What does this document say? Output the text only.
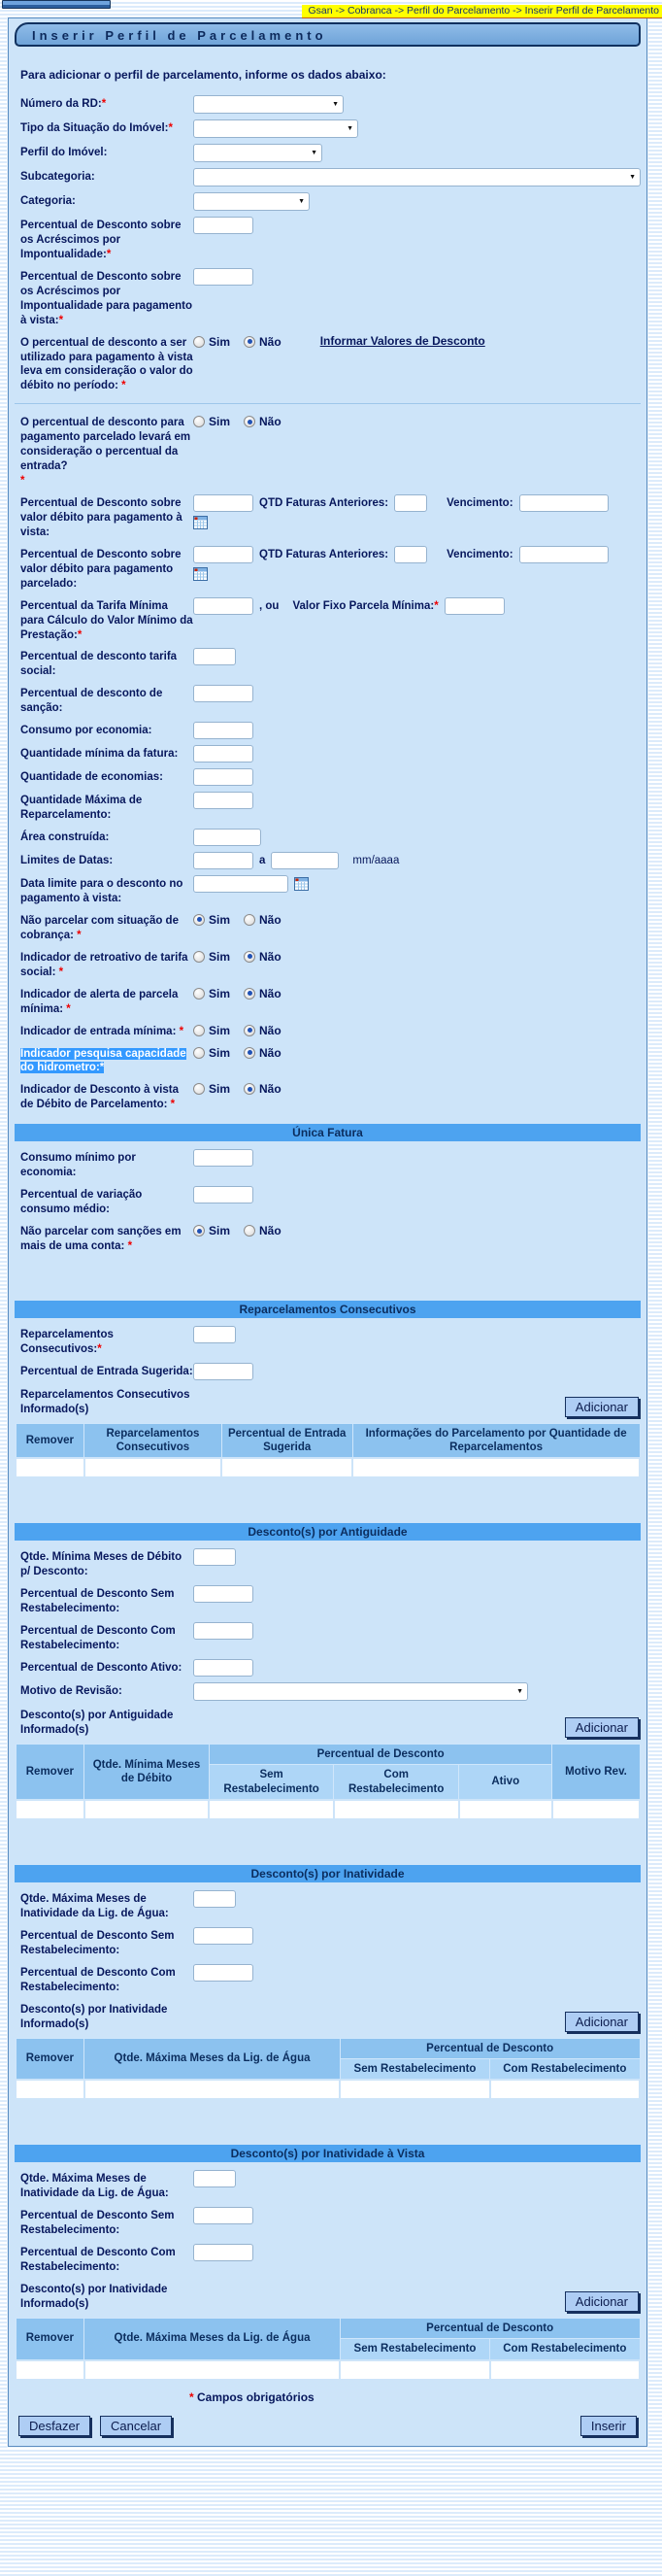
Gsan -> Cobranca -> Perfil do Parcelamento -> Inserir Perfil de Parcelamento
Inserir Perfil de Parcelamento
Para adicionar o perfil de parcelamento, informe os dados abaixo:
Número da RD:*
▼
Tipo da Situação do Imóvel:*
▼
Perfil do Imóvel:
▼
Subcategoria:
▼
Categoria:
▼
Percentual de Desconto sobre os Acréscimos por Impontualidade:*
Percentual de Desconto sobre os Acréscimos por Impontualidade para pagamento à vista:*
O percentual de desconto a ser utilizado para pagamento à vista leva em consideração o valor do débito no período: *
Sim	Não	Informar Valores de Desconto
O percentual de desconto para pagamento parcelado levará em consideração o percentual da entrada?
*
Sim	Não
Percentual de Desconto sobre valor débito para pagamento à vista:
QTD Faturas Anteriores:	Vencimento:
Percentual de Desconto sobre valor débito para pagamento parcelado:
QTD Faturas Anteriores:	Vencimento:
Percentual da Tarifa Mínima para Cálculo do Valor Mínimo da Prestação:*
, ou Valor Fixo Parcela Mínima:*
Percentual de desconto tarifa social:
Percentual de desconto de sanção:
Consumo por economia:
Quantidade mínima da fatura:
Quantidade de economias:
Quantidade Máxima de Reparcelamento:
Área construída:
Limites de Datas:	a	mm/aaaa
Data limite para o desconto no pagamento à vista:
Não parcelar com situação de cobrança: *
Sim	Não
Indicador de retroativo de tarifa social: *
Sim	Não
Indicador de alerta de parcela mínima: *
Sim	Não
Indicador de entrada mínima: *	Sim	Não
Indicador pesquisa capacidade do hidrometro:*
Sim	Não
Indicador de Desconto à vista de Débito de Parcelamento: *
Sim	Não
Única Fatura
Consumo mínimo por economia:
Percentual de variação consumo médio:
Não parcelar com sanções em mais de uma conta: *
Sim	Não
Reparcelamentos Consecutivos
Reparcelamentos Consecutivos:*
Percentual de Entrada Sugerida:
Reparcelamentos Consecutivos Informado(s)	Adicionar
Remover	Reparcelamentos Consecutivos	Percentual de Entrada Sugerida	Informações do Parcelamento por Quantidade de Reparcelamentos

Desconto(s) por Antiguidade
Qtde. Mínima Meses de Débito p/ Desconto:
Percentual de Desconto Sem Restabelecimento:
Percentual de Desconto Com Restabelecimento:
Percentual de Desconto Ativo:
Motivo de Revisão:
▼
Desconto(s) por Antiguidade Informado(s)	Adicionar
Remover	Qtde. Mínima Meses de Débito	Percentual de Desconto			Motivo Rev.
		Sem Restabelecimento	Com Restabelecimento	Ativo	

Desconto(s) por Inatividade
Qtde. Máxima Meses de Inatividade da Lig. de Água:
Percentual de Desconto Sem Restabelecimento:
Percentual de Desconto Com Restabelecimento:
Desconto(s) por Inatividade Informado(s)	Adicionar
Remover	Qtde. Máxima Meses da Lig. de Água	Percentual de Desconto	
		Sem Restabelecimento	Com Restabelecimento

Desconto(s) por Inatividade à Vista
Qtde. Máxima Meses de Inatividade da Lig. de Água:
Percentual de Desconto Sem Restabelecimento:
Percentual de Desconto Com Restabelecimento:
Desconto(s) por Inatividade Informado(s)	Adicionar
Remover	Qtde. Máxima Meses da Lig. de Água	Percentual de Desconto	
		Sem Restabelecimento	Com Restabelecimento

* Campos obrigatórios
Desfazer	Cancelar	Inserir
